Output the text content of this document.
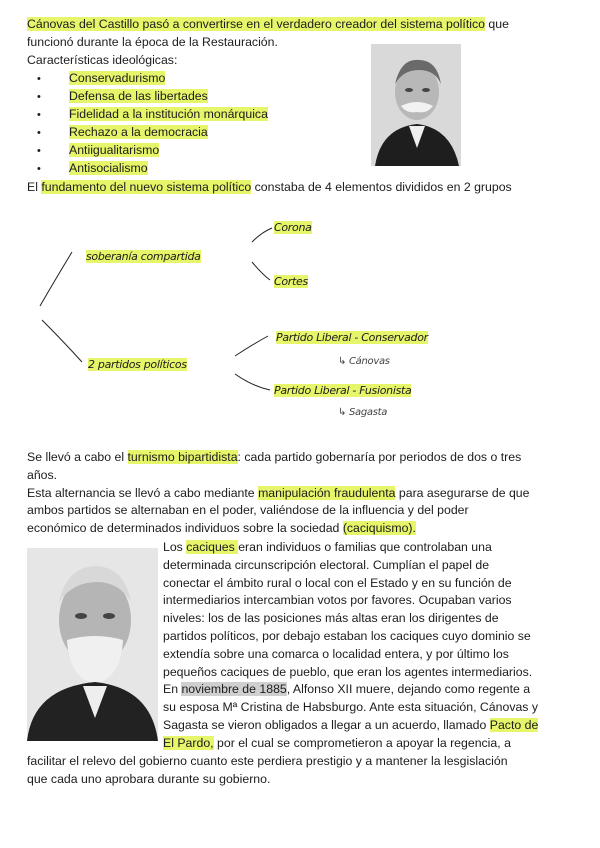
Cánovas del Castillo pasó a convertirse en el verdadero creador del sistema político que
funcionó durante la época de la Restauración.
Características ideológicas:
• Conservadurismo
• Defensa de las libertades
• Fidelidad a la institución monárquica
• Rechazo a la democracia
• Antiigualitarismo
• Antisocialismo
El fundamento del nuevo sistema político constaba de 4 elementos divididos en 2 grupos
soberanía compartida
Corona
Cortes
2 partidos políticos
Partido Liberal - Conservador
↳ Cánovas
Partido Liberal - Fusionista
↳ Sagasta
Se llevó a cabo el turnismo bipartidista: cada partido gobernaría por periodos de dos o tres
años.
Esta alternancia se llevó a cabo mediante manipulación fraudulenta para asegurarse de que
ambos partidos se alternaban en el poder, valiéndose de la influencia y del poder
económico de determinados individuos sobre la sociedad (caciquismo).
Los caciques eran individuos o familias que controlaban una
determinada circunscripción electoral. Cumplían el papel de
conectar el ámbito rural o local con el Estado y en su función de
intermediarios intercambian votos por favores. Ocupaban varios
niveles: los de las posiciones más altas eran los dirigentes de
partidos políticos, por debajo estaban los caciques cuyo dominio se
extendía sobre una comarca o localidad entera, y por último los
pequeños caciques de pueblo, que eran los agentes intermediarios.
En noviembre de 1885, Alfonso XII muere, dejando como regente a
su esposa Mª Cristina de Habsburgo. Ante esta situación, Cánovas y
Sagasta se vieron obligados a llegar a un acuerdo, llamado Pacto de
El Pardo, por el cual se comprometieron a apoyar la regencia, a
facilitar el relevo del gobierno cuanto este perdiera prestigio y a mantener la lesgislación
que cada uno aprobara durante su gobierno.
